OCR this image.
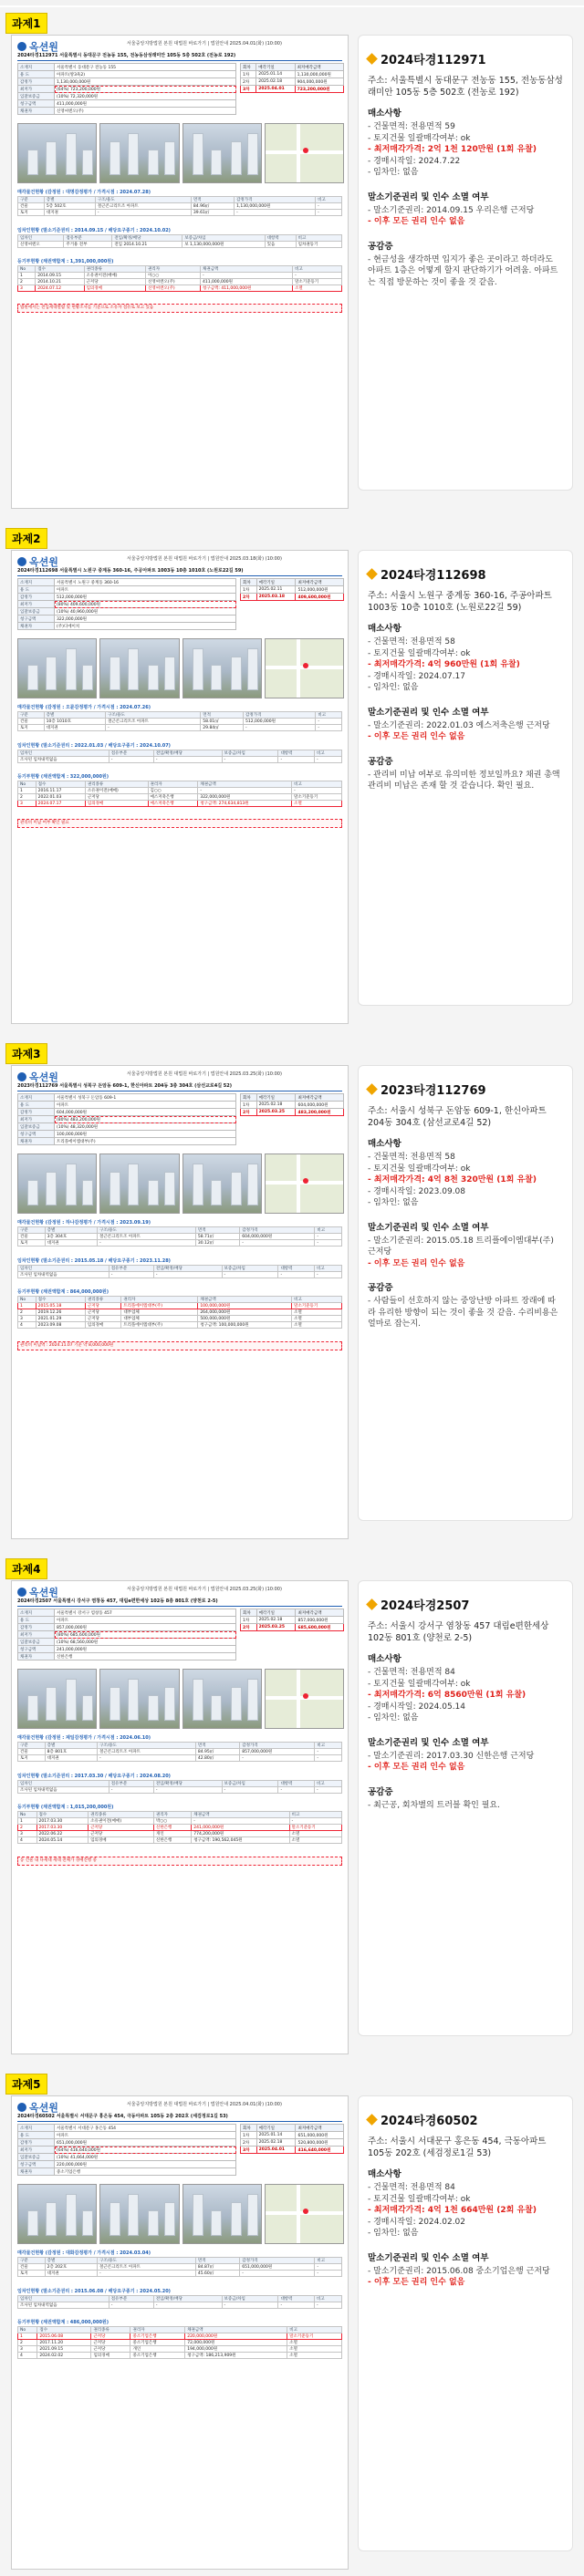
과제1
옥션원	서울중앙지방법원 본원 대법원 바로가기 | 법원안내 2025.04.01(화) (10:00)
2024타경112971 서울특별시 동대문구 전농동 155, 전농동삼성래미안 105동 5층 502호 (전농로 192)
소재지	서울특별시 동대문구 전농동 155
용 도	아파트(방3욕2)
감정가	1,130,000,000원
최저가	(64%) 723,200,000원
입찰보증금	(10%) 72,320,000원
청구금액	411,000,000원
채권자	신영씨엔오(주)
회차	매각기일	최저매각금액
1차	2025.01.14	1,130,000,000원
2차	2025.02.18	904,000,000원
3차	2025.04.01	723,200,000원
매각물건현황 (감정원 : 대명감정평가 / 가격시점 : 2024.07.28)
구분	층별	구조/용도	면적	감정가격	비고
건물	5층 502호	철근콘크리트조 아파트	84.96㎡	1,130,000,000원	-
토지	대지권	-	39.61㎡	-	-
임차인현황 (말소기준권리 : 2014.09.15 / 배당요구종기 : 2024.10.02)
임차인	점유부분	전입/확정/배당	보증금/차임	대항력	비고
신영씨엔오	주거용 전부	전입 2014.10.21	보 1,130,000,000원	있음	임차권등기
등기부현황 (채권액합계 : 1,391,000,000원)
No	접수	권리종류	권리자	채권금액	비고
1	2014.09.15	소유권이전(매매)	이○○	-	-
2	2014.10.21	근저당	신영씨엔오(주)	411,000,000원	말소기준등기
3	2024.07.12	임의경매	신영씨엔오(주)	청구금액: 411,000,000원	소멸
법원에서는 전입세대열람 및 현황조사를 기준으로 소유자 점유로 보고 있음
2024타경112971
주소: 서울특별시 동대문구 전농동 155, 전농동삼성래미안 105동 5층 502호 (전농로 192)
매소사항
- 건물면적: 전용면적 59
- 토지건물 일괄매각여부: ok
- 최저매각가격: 2억 1천 120만원 (1회 유찰)
- 경매시작일: 2024.7.22
- 임차인: 없음
말소기준권리 및 인수 소멸 여부
- 말소기준권리: 2014.09.15 우리은행 근저당
- 이후 모든 권리 인수 없음
공감증
- 현금성을 생각하면 입지가 좋은 곳이라고 하더라도 아파트 1층은 어떻게 할지 판단하기가 어려움. 아파트는 직접 방문하는 것이 좋을 것 같음.
과제2
옥션원	서울중앙지방법원 본원 대법원 바로가기 | 법원안내 2025.03.18(화) (10:00)
2024타경112698 서울특별시 노원구 중계동 360-16, 주공아파트 1003동 10층 1010호 (노원로22길 59)
소재지	서울특별시 노원구 중계동 360-16
용 도	아파트
감정가	512,000,000원
최저가	(80%) 409,600,000원
입찰보증금	(10%) 40,960,000원
청구금액	322,000,000원
채권자	(주)디에이치
회차	매각기일	최저매각금액
1차	2025.02.11	512,000,000원
2차	2025.03.18	409,600,000원
매각물건현황 (감정원 : 오륜감정평가 / 가격시점 : 2024.07.26)
구분	층별	구조/용도	면적	감정가격	비고
건물	10층 1010호	철근콘크리트조 아파트	58.01㎡	512,000,000원	-
토지	대지권	-	29.84㎡	-	-
임차인현황 (말소기준권리 : 2022.01.03 / 배당요구종기 : 2024.10.07)
임차인	점유부분	전입/확정/배당	보증금/차임	대항력	비고
조사된 임차내역없음	-	-	-	-	-
등기부현황 (채권액합계 : 322,000,000원)
No	접수	권리종류	권리자	채권금액	비고
1	2016.11.17	소유권이전(매매)	김○○	-	-
2	2022.01.03	근저당	예스저축은행	322,000,000원	말소기준등기
3	2024.07.17	임의경매	예스저축은행	청구금액: 274,634,813원	소멸
관리비 미납 여부 확인 필요
2024타경112698
주소: 서울시 노원구 중계동 360-16, 주공아파트 1003동 10층 1010호 (노원로22길 59)
매소사항
- 건물면적: 전용면적 58
- 토지건물 일괄매각여부: ok
- 최저매각가격: 4억 960만원 (1회 유찰)
- 경매시작일: 2024.07.17
- 임차인: 없음
말소기준권리 및 인수 소멸 여부
- 말소기준권리: 2022.01.03 예스저축은행 근저당
- 이후 모든 권리 인수 없음
공감증
- 관리비 미납 여부로 유의미한 정보일까요? 채권 총액 관리비 미납은 존재 할 것 같습니다. 확인 필요.
과제3
옥션원	서울중앙지방법원 본원 대법원 바로가기 | 법원안내 2025.03.25(화) (10:00)
2023타경112769 서울특별시 성북구 돈암동 609-1, 한신아파트 204동 3층 304호 (삼선교로4길 52)
소재지	서울특별시 성북구 돈암동 609-1
용 도	아파트
감정가	604,000,000원
최저가	(80%) 483,200,000원
입찰보증금	(10%) 48,320,000원
청구금액	100,000,000원
채권자	트리플에이엠대부(주)
회차	매각기일	최저매각금액
1차	2025.02.18	604,000,000원
2차	2025.03.25	483,200,000원
매각물건현황 (감정원 : 하나감정평가 / 가격시점 : 2023.09.19)
구분	층별	구조/용도	면적	감정가격	비고
건물	3층 304호	철근콘크리트조 아파트	58.71㎡	604,000,000원	-
토지	대지권	-	30.12㎡	-	-
임차인현황 (말소기준권리 : 2015.05.18 / 배당요구종기 : 2023.11.28)
임차인	점유부분	전입/확정/배당	보증금/차임	대항력	비고
조사된 임차내역없음	-	-	-	-	-
등기부현황 (채권액합계 : 864,000,000원)
No	접수	권리종류	권리자	채권금액	비고
1	2015.05.18	근저당	트리플에이엠대부(주)	100,000,000원	말소기준등기
2	2019.12.26	근저당	대부업체	264,000,000원	소멸
3	2021.01.29	근저당	대부업체	500,000,000원	소멸
4	2023.09.08	임의경매	트리플에이엠대부(주)	청구금액: 100,000,000원	소멸
관리비 미납액 : 2024.11.07 기준 약 8,000,000원
2023타경112769
주소: 서울시 성북구 돈암동 609-1, 한신아파트 204동 304호 (삼선교로4길 52)
매소사항
- 건물면적: 전용면적 58
- 토지건물 일괄매각여부: ok
- 최저매각가격: 4억 8천 320만원 (1회 유찰)
- 경매시작일: 2023.09.08
- 임차인: 없음
말소기준권리 및 인수 소멸 여부
- 말소기준권리: 2015.05.18 트리플에이엠대부(주) 근저당
- 이후 모든 권리 인수 없음
공감증
- 사람들이 선호하지 않는 중앙난방 아파트 장래에 따라 유리한 방향이 되는 것이 좋을 것 같음. 수리비용은 얼마로 잡는지.
과제4
옥션원	서울중앙지방법원 본원 대법원 바로가기 | 법원안내 2025.03.25(화) (10:00)
2024타경2507 서울특별시 강서구 염창동 457, 대림e편한세상 102동 8층 801호 (양천로 2-5)
소재지	서울특별시 강서구 염창동 457
용 도	아파트
감정가	857,000,000원
최저가	(80%) 685,600,000원
입찰보증금	(10%) 68,560,000원
청구금액	241,000,000원
채권자	신한은행
회차	매각기일	최저매각금액
1차	2025.02.18	857,000,000원
2차	2025.03.25	685,600,000원
매각물건현황 (감정원 : 제일감정평가 / 가격시점 : 2024.06.10)
구분	층별	구조/용도	면적	감정가격	비고
건물	8층 801호	철근콘크리트조 아파트	84.95㎡	857,000,000원	-
토지	대지권	-	42.80㎡	-	-
임차인현황 (말소기준권리 : 2017.03.30 / 배당요구종기 : 2024.08.20)
임차인	점유부분	전입/확정/배당	보증금/차임	대항력	비고
조사된 임차내역없음	-	-	-	-	-
등기부현황 (채권액합계 : 1,015,200,000원)
No	접수	권리종류	권리자	채권금액	비고
1	2017.03.30	소유권이전(매매)	박○○	-	-
2	2017.03.30	근저당	신한은행	241,000,000원	말소기준등기
3	2022.06.22	근저당	개인	774,200,000원	소멸
4	2024.05.14	임의경매	신한은행	청구금액: 190,562,045원	소멸
동 건물 내 다세대 세대 전체가 경매진행 중
2024타경2507
주소: 서울시 강서구 염창동 457 대림e편한세상 102동 801호 (양천로 2-5)
매소사항
- 건물면적: 전용면적 84
- 토지건물 일괄매각여부: ok
- 최저매각가격: 6억 8560만원 (1회 유찰)
- 경매시작일: 2024.05.14
- 임차인: 없음
말소기준권리 및 인수 소멸 여부
- 말소기준권리: 2017.03.30 신한은행 근저당
- 이후 모든 권리 인수 없음
공감증
- 최근공, 회차별의 트러블 확인 필요.
과제5
옥션원	서울중앙지방법원 본원 대법원 바로가기 | 법원안내 2025.04.01(화) (10:00)
2024타경60502 서울특별시 서대문구 홍은동 454, 극동아파트 105동 2층 202호 (세검정로1길 53)
소재지	서울특별시 서대문구 홍은동 454
용 도	아파트
감정가	651,000,000원
최저가	(64%) 416,640,000원
입찰보증금	(10%) 41,664,000원
청구금액	220,000,000원
채권자	중소기업은행
회차	매각기일	최저매각금액
1차	2025.01.14	651,000,000원
2차	2025.02.18	520,800,000원
3차	2025.04.01	416,640,000원
매각물건현황 (감정원 : 대화감정평가 / 가격시점 : 2024.03.04)
구분	층별	구조/용도	면적	감정가격	비고
건물	2층 202호	철근콘크리트조 아파트	84.87㎡	651,000,000원	-
토지	대지권	-	45.60㎡	-	-
임차인현황 (말소기준권리 : 2015.06.08 / 배당요구종기 : 2024.05.20)
임차인	점유부분	전입/확정/배당	보증금/차임	대항력	비고
조사된 임차내역없음	-	-	-	-	-
등기부현황 (채권액합계 : 486,000,000원)
No	접수	권리종류	권리자	채권금액	비고
1	2015.06.08	근저당	중소기업은행	220,000,000원	말소기준등기
2	2017.11.20	근저당	중소기업은행	72,000,000원	소멸
3	2021.09.15	근저당	개인	194,000,000원	소멸
4	2024.02.02	임의경매	중소기업은행	청구금액: 186,213,909원	소멸
2024타경60502
주소: 서울시 서대문구 홍은동 454, 극동아파트 105동 202호 (세검정로1길 53)
매소사항
- 건물면적: 전용면적 84
- 토지건물 일괄매각여부: ok
- 최저매각가격: 4억 1천 664만원 (2회 유찰)
- 경매시작일: 2024.02.02
- 임차인: 없음
말소기준권리 및 인수 소멸 여부
- 말소기준권리: 2015.06.08 중소기업은행 근저당
- 이후 모든 권리 인수 없음
